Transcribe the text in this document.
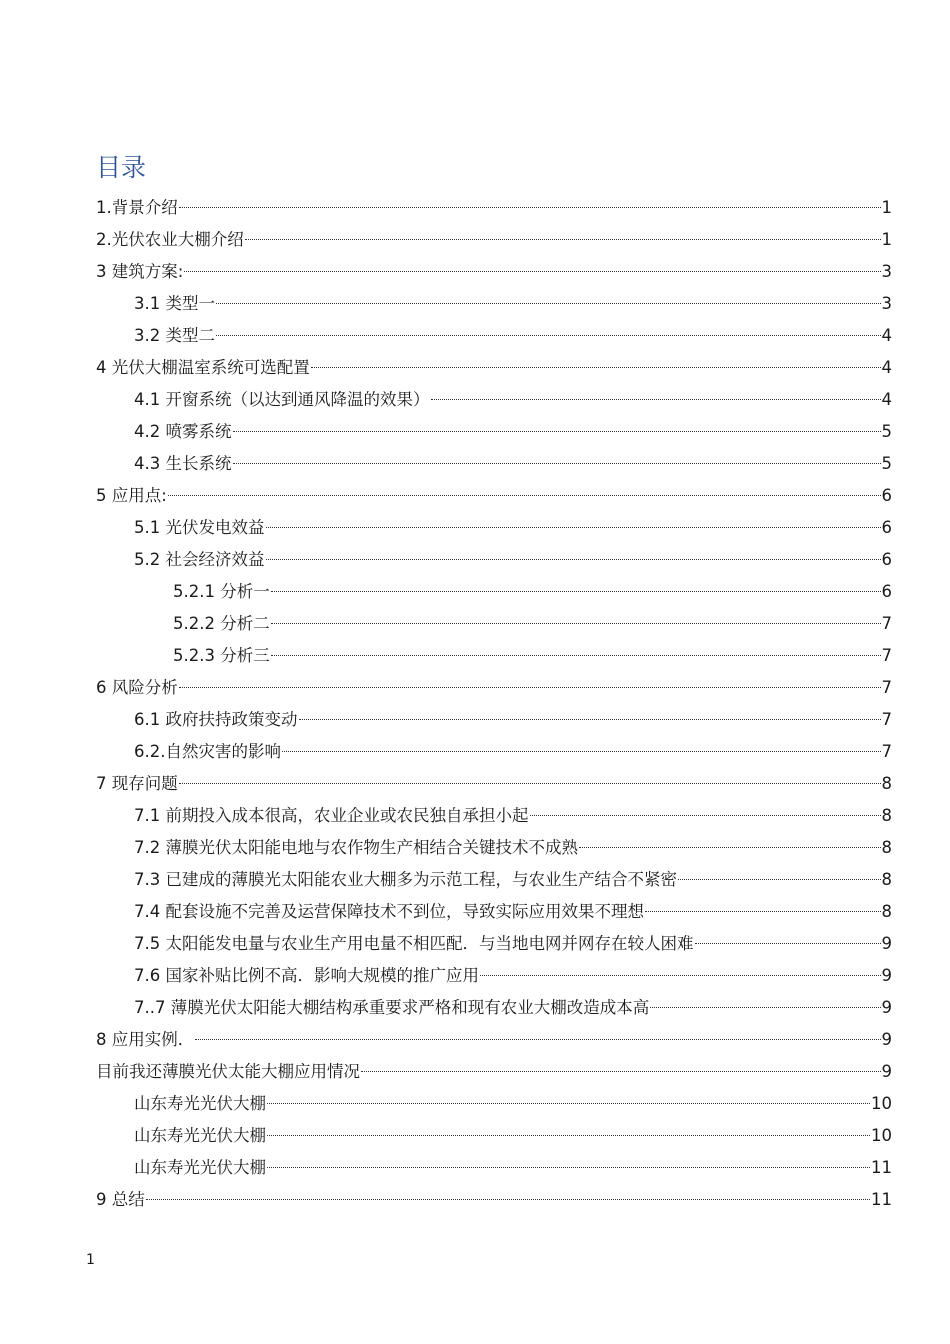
目录
1.背景介绍	1
2.光伏农业大棚介绍	1
3 建筑方案:	3
3.1 类型一	3
3.2 类型二	4
4 光伏大棚温室系统可选配置	4
4.1 开窗系统（以达到通风降温的效果）	4
4.2 喷雾系统	5
4.3 生长系统	5
5 应用点:	6
5.1 光伏发电效益	6
5.2 社会经济效益	6
5.2.1 分析一	6
5.2.2 分析二	7
5.2.3 分析三	7
6 风险分析	7
6.1 政府扶持政策变动	7
6.2.自然灾害的影响	7
7 现存问题	8
7.1 前期投入成本很高，农业企业或农民独自承担小起	8
7.2 薄膜光伏太阳能电地与农作物生产相结合关键技术不成熟	8
7.3 已建成的薄膜光太阳能农业大棚多为示范工程，与农业生产结合不紧密	8
7.4 配套设施不完善及运营保障技术不到位，导致实际应用效果不理想	8
7.5 太阳能发电量与农业生产用电量不相匹配．与当地电网并网存在较人困难	9
7.6 国家补贴比例不高．影响大规模的推广应用	9
7..7 薄膜光伏太阳能大棚结构承重要求严格和现有农业大棚改造成本高	9
8 应用实例．	9
目前我还薄膜光伏太能大棚应用情况	9
山东寿光光伏大棚	10
山东寿光光伏大棚	10
山东寿光光伏大棚	11
9 总结	11
1
